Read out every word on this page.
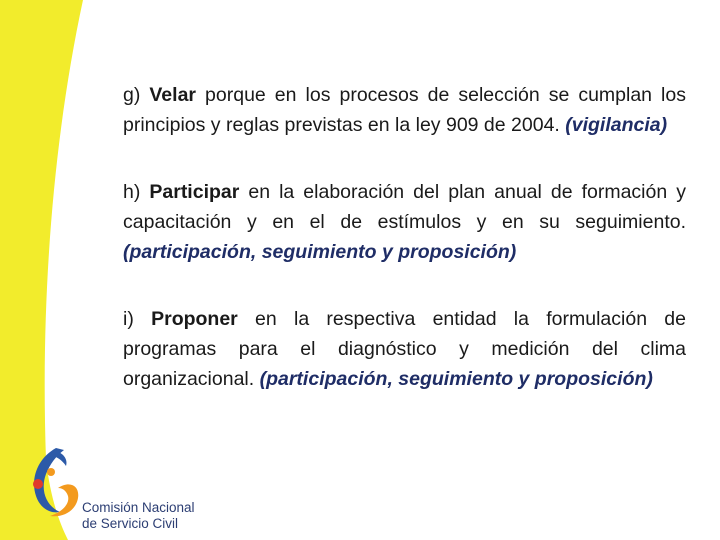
g) Velar porque en los procesos de selección se cumplan los principios y reglas previstas en la ley 909 de 2004. (vigilancia)

h) Participar en la elaboración del plan anual de formación y capacitación y en el de estímulos y en su seguimiento. (participación, seguimiento y proposición)

i) Proponer en la respectiva entidad la formulación de programas para el diagnóstico y medición del clima organizacional. (participación, seguimiento y proposición)

Comisión Nacional
de Servicio Civil
